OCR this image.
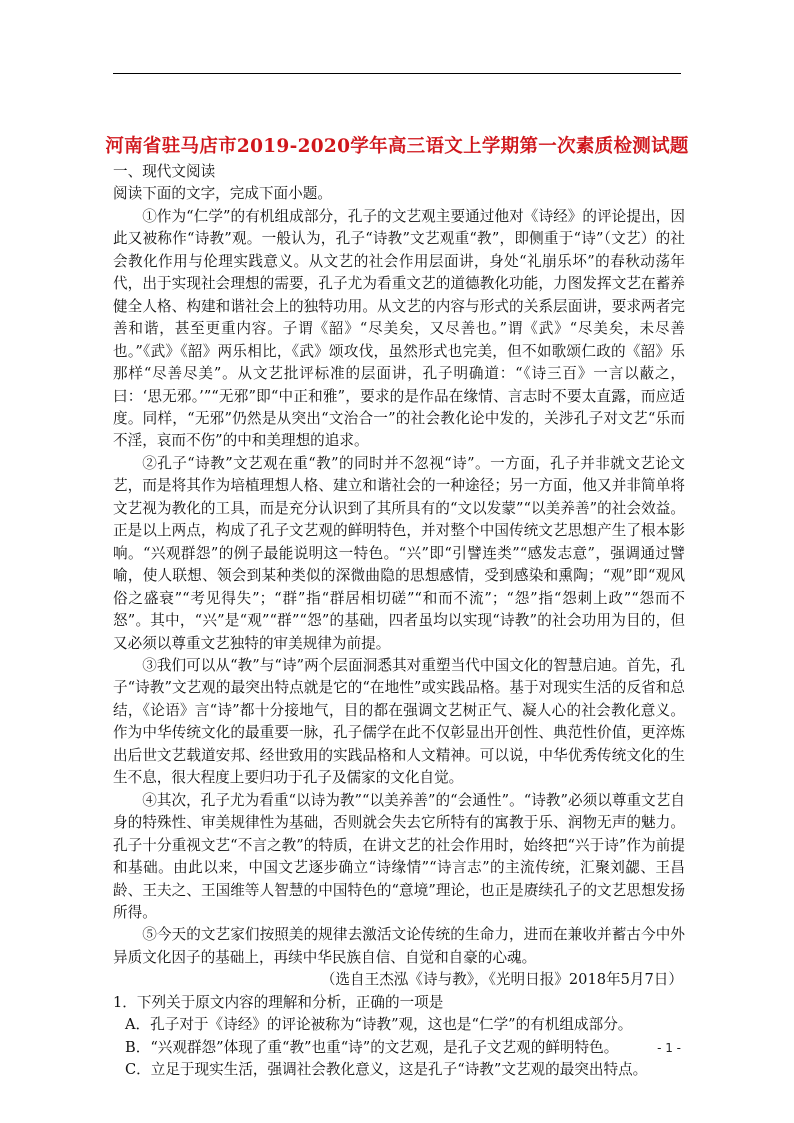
河南省驻马店市2019-2020学年高三语文上学期第一次素质检测试题

一、现代文阅读

阅读下面的文字，完成下面小题。

①作为“仁学”的有机组成部分，孔子的文艺观主要通过他对《诗经》的评论提出，因此又被称作“诗教”观。一般认为，孔子“诗教”文艺观重“教”，即侧重于“诗”（文艺）的社会教化作用与伦理实践意义。从文艺的社会作用层面讲，身处“礼崩乐坏”的春秋动荡年代，出于实现社会理想的需要，孔子尤为看重文艺的道德教化功能，力图发挥文艺在蓄养健全人格、构建和谐社会上的独特功用。从文艺的内容与形式的关系层面讲，要求两者完善和谐，甚至更重内容。子谓《韶》“尽美矣，又尽善也。”谓《武》“尽美矣，未尽善也。”《武》《韶》两乐相比，《武》颂攻伐，虽然形式也完美，但不如歌颂仁政的《韶》乐那样“尽善尽美”。从文艺批评标准的层面讲，孔子明确道：“《诗三百》一言以蔽之，曰：‘思无邪。’”“无邪”即“中正和雅”，要求的是作品在缘情、言志时不要太直露，而应适度。同样，“无邪”仍然是从突出“文治合一”的社会教化论中发的，关涉孔子对文艺“乐而不淫，哀而不伤”的中和美理想的追求。

②孔子“诗教”文艺观在重“教”的同时并不忽视“诗”。一方面，孔子并非就文艺论文艺，而是将其作为培植理想人格、建立和谐社会的一种途径；另一方面，他又并非简单将文艺视为教化的工具，而是充分认识到了其所具有的“文以发蒙”“以美养善”的社会效益。正是以上两点，构成了孔子文艺观的鲜明特色，并对整个中国传统文艺思想产生了根本影响。“兴观群怨”的例子最能说明这一特色。“兴”即“引譬连类”“感发志意”，强调通过譬喻，使人联想、领会到某种类似的深微曲隐的思想感情，受到感染和熏陶；“观”即“观风俗之盛衰”“考见得失”；“群”指“群居相切磋”“和而不流”；“怨”指“怨刺上政”“怨而不怒”。其中，“兴”是“观”“群”“怨”的基础，四者虽均以实现“诗教”的社会功用为目的，但又必须以尊重文艺独特的审美规律为前提。

③我们可以从“教”与“诗”两个层面洞悉其对重塑当代中国文化的智慧启迪。首先，孔子“诗教”文艺观的最突出特点就是它的“在地性”或实践品格。基于对现实生活的反省和总结，《论语》言“诗”都十分接地气，目的都在强调文艺树正气、凝人心的社会教化意义。作为中华传统文化的最重要一脉，孔子儒学在此不仅彰显出开创性、典范性价值，更淬炼出后世文艺载道安邦、经世致用的实践品格和人文精神。可以说，中华优秀传统文化的生生不息，很大程度上要归功于孔子及儒家的文化自觉。

④其次，孔子尤为看重“以诗为教”“以美养善”的“会通性”。“诗教”必须以尊重文艺自身的特殊性、审美规律性为基础，否则就会失去它所特有的寓教于乐、润物无声的魅力。孔子十分重视文艺“不言之教”的特质，在讲文艺的社会作用时，始终把“兴于诗”作为前提和基础。由此以来，中国文艺逐步确立“诗缘情”“诗言志”的主流传统，汇聚刘勰、王昌龄、王夫之、王国维等人智慧的中国特色的“意境”理论，也正是赓续孔子的文艺思想发扬所得。

⑤今天的文艺家们按照美的规律去激活文论传统的生命力，进而在兼收并蓄古今中外异质文化因子的基础上，再续中华民族自信、自觉和自豪的心魂。

（选自王杰泓《诗与教》，《光明日报》2018年5月7日）

1．下列关于原文内容的理解和分析，正确的一项是

A．孔子对于《诗经》的评论被称为“诗教”观，这也是“仁学”的有机组成部分。

B．“兴观群怨”体现了重“教”也重“诗”的文艺观，是孔子文艺观的鲜明特色。

C．立足于现实生活，强调社会教化意义，这是孔子“诗教”文艺观的最突出特点。

- 1 -
